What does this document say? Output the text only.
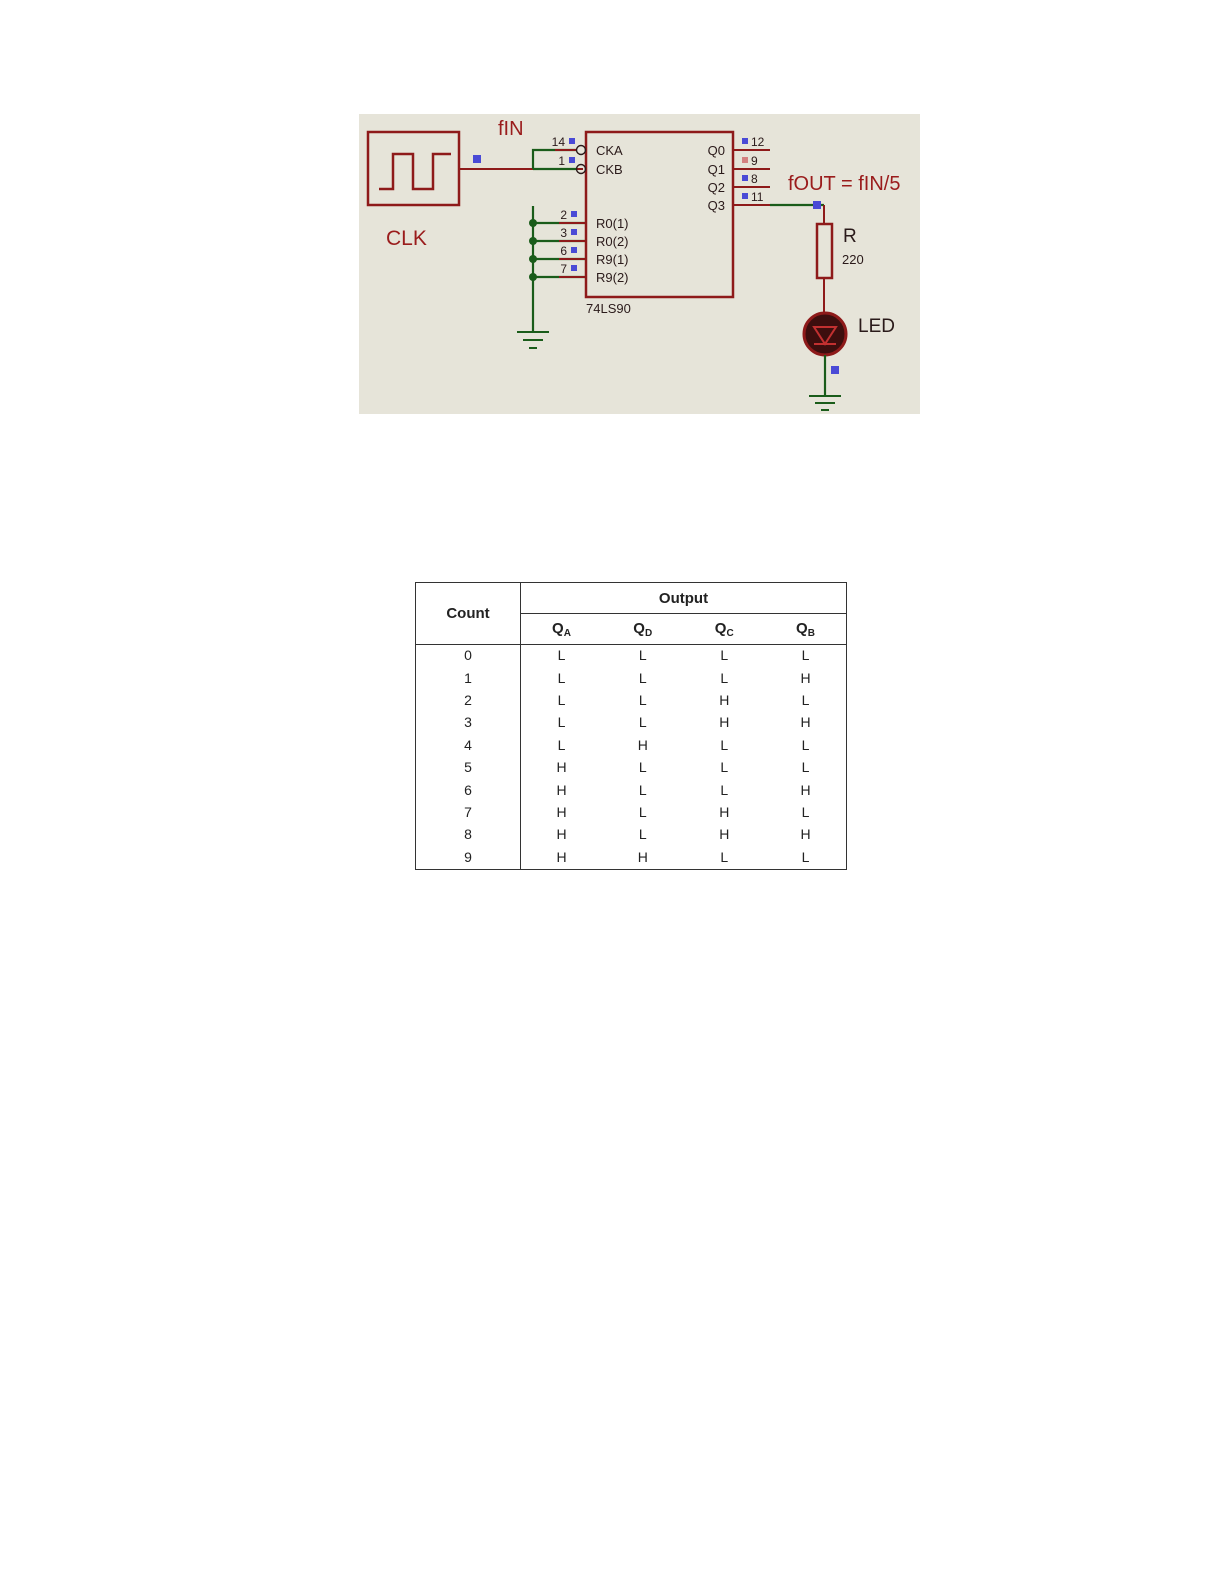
CLK
fIN
74LS90
14
CKA
1
CKB
2
R0(1)
3
R0(2)
6
R9(1)
7
R9(2)
12
Q0
9
Q1
8
Q2
11
Q3
fOUT = fIN/5
R
220
LED
Count	Output			
	$Q_A$	$Q_D$	$Q_C$	$Q_B$
0	L	L	L	L
1	L	L	L	H
2	L	L	H	L
3	L	L	H	H
4	L	H	L	L
5	H	L	L	L
6	H	L	L	H
7	H	L	H	L
8	H	L	H	H
9	H	H	L	L
